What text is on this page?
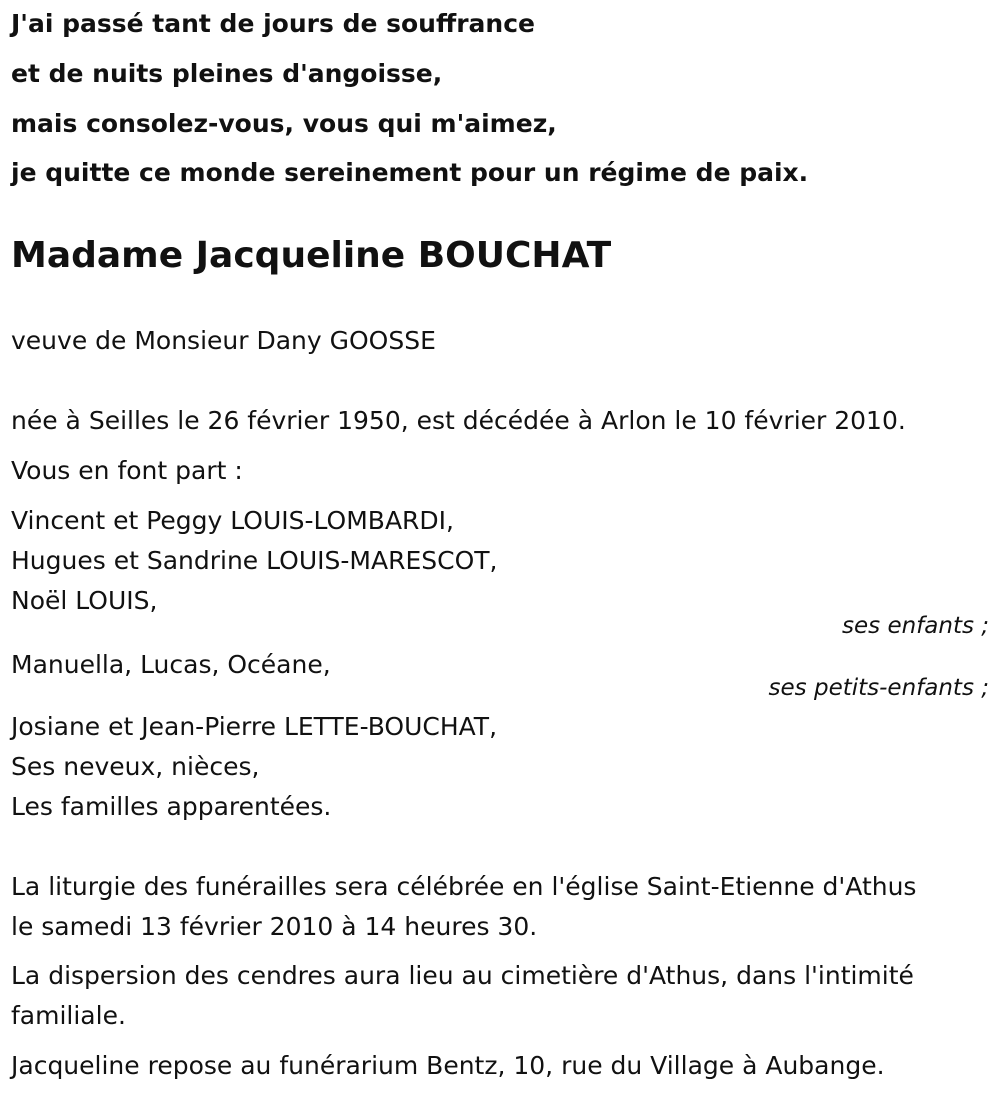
J'ai passé tant de jours de souffrance
et de nuits pleines d'angoisse,
mais consolez-vous, vous qui m'aimez,
je quitte ce monde sereinement pour un régime de paix.
Madame Jacqueline BOUCHAT
veuve de Monsieur Dany GOOSSE
née à Seilles le 26 février 1950, est décédée à Arlon le 10 février 2010.
Vous en font part :
Vincent et Peggy LOUIS-LOMBARDI,
Hugues et Sandrine LOUIS-MARESCOT,
Noël LOUIS,
ses enfants ;
Manuella, Lucas, Océane,
ses petits-enfants ;
Josiane et Jean-Pierre LETTE-BOUCHAT,
Ses neveux, nièces,
Les familles apparentées.
La liturgie des funérailles sera célébrée en l'église Saint-Etienne d'Athus
le samedi 13 février 2010 à 14 heures 30.
La dispersion des cendres aura lieu au cimetière d'Athus, dans l'intimité
familiale.
Jacqueline repose au funérarium Bentz, 10, rue du Village à Aubange.
